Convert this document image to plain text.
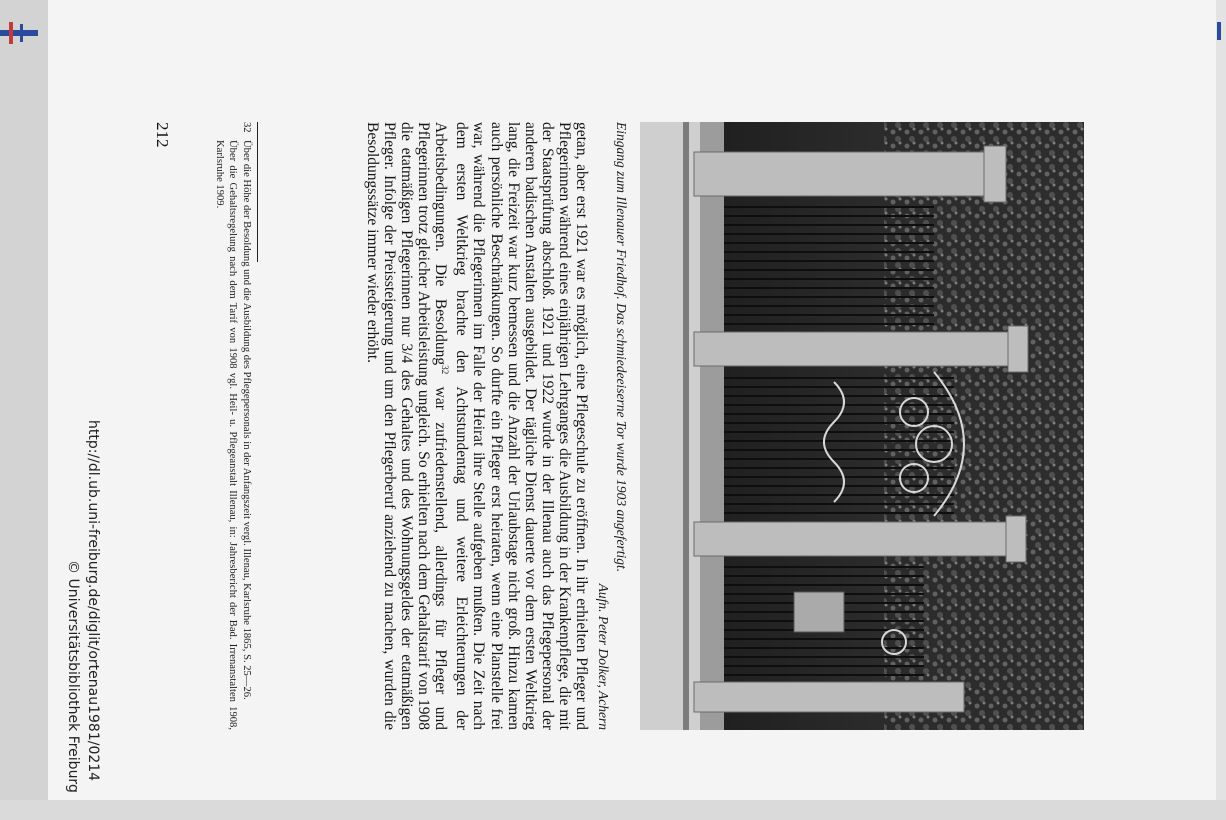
Eingang zum Illenauer Friedhof. Das schmiedeeiserne Tor wurde 1903 angefertigt.
Aufn. Peter Dolker, Achern
getan, aber erst 1921 war es möglich, eine Pflegeschule zu eröffnen. In ihr erhielten Pfleger und Pflegerinnen während eines einjährigen Lehrganges die Ausbildung in der Krankenpflege, die mit der Staatsprüfung abschloß. 1921 und 1922 wurde in der Illenau auch das Pflegepersonal der anderen badischen Anstalten ausgebildet. Der tägliche Dienst dauerte vor dem ersten Weltkrieg lang, die Freizeit war kurz bemessen und die Anzahl der Urlaubstage nicht groß. Hinzu kamen auch persönliche Beschränkungen. So durfte ein Pfleger erst heiraten, wenn eine Planstelle frei war, während die Pflegerinnen im Falle der Heirat ihre Stelle aufgeben mußten. Die Zeit nach dem ersten Weltkrieg brachte den Achtstundentag und weitere Erleichterungen der Arbeitsbedingungen. Die Besoldung$^{32}$ war zufriedenstellend, allerdings für Pfleger und Pflegerinnen trotz gleicher Arbeitsleistung ungleich. So erhielten nach dem Gehaltstarif von 1908 die etatmäßigen Pflegerinnen nur 3/4 des Gehaltes und des Wohnungsgeldes der etatmäßigen Pfleger. Infolge der Preissteigerung und um den Pflegerberuf anziehend zu machen, wurden die Besoldungssätze immer wieder erhöht.
32
Über die Höhe der Besoldung und die Ausbildung des Pflegepersonals in der Anfangszeit vergl. Illenau, Karlsruhe 1865, S. 25—26.
Über die Gehaltsregelung nach dem Tarif von 1908 vgl. Heil- u. Pflegeanstalt Illenau, in: Jahresbericht der Bad. Irrenanstalten 1908, Karlsruhe 1909.
212
http://dl.ub.uni-freiburg.de/diglit/ortenau1981/0214
© Universitätsbibliothek Freiburg
